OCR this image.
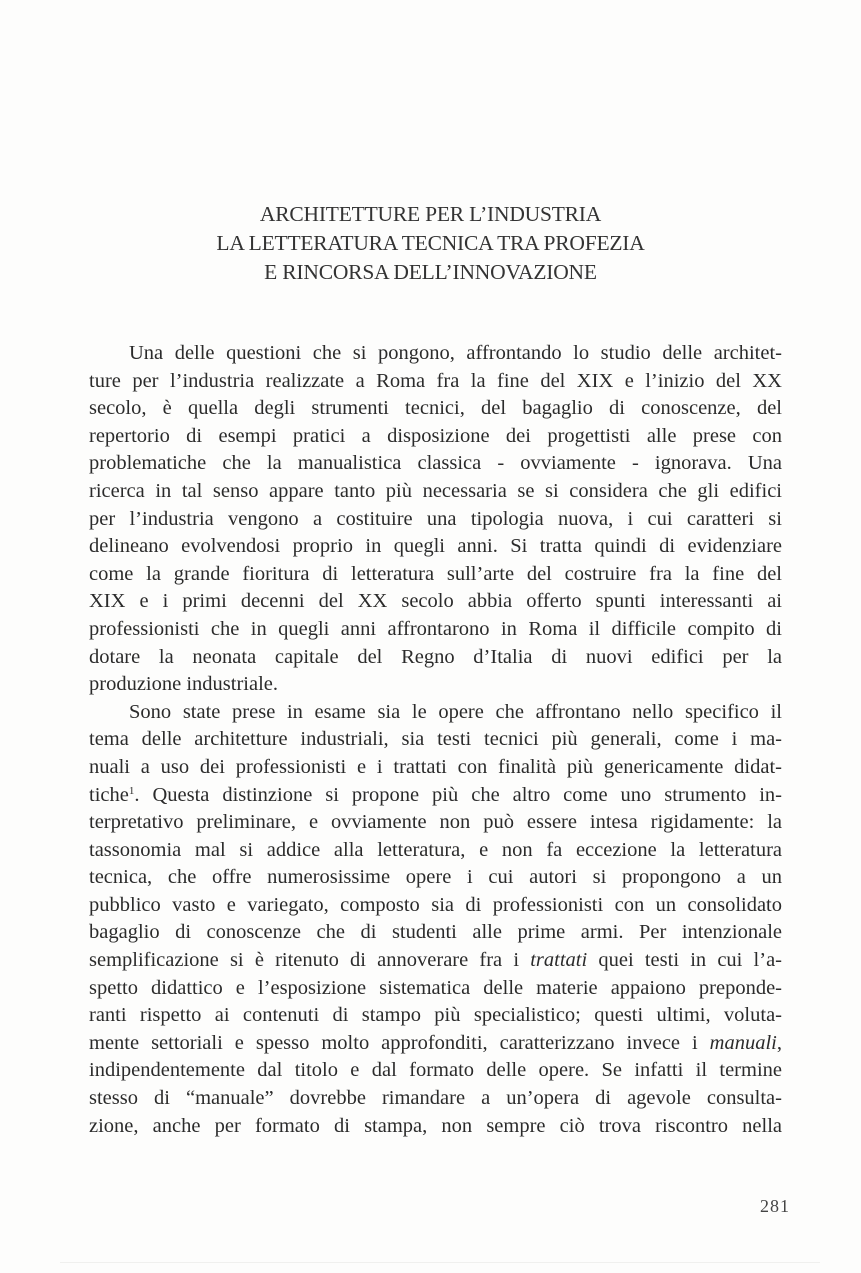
ARCHITETTURE PER L’INDUSTRIA
LA LETTERATURA TECNICA TRA PROFEZIA
E RINCORSA DELL’INNOVAZIONE
Una delle questioni che si pongono, affrontando lo studio delle architet-
ture per l’industria realizzate a Roma fra la fine del XIX e l’inizio del XX
secolo, è quella degli strumenti tecnici, del bagaglio di conoscenze, del
repertorio di esempi pratici a disposizione dei progettisti alle prese con
problematiche che la manualistica classica - ovviamente - ignorava. Una
ricerca in tal senso appare tanto più necessaria se si considera che gli edifici
per l’industria vengono a costituire una tipologia nuova, i cui caratteri si
delineano evolvendosi proprio in quegli anni. Si tratta quindi di evidenziare
come la grande fioritura di letteratura sull’arte del costruire fra la fine del
XIX e i primi decenni del XX secolo abbia offerto spunti interessanti ai
professionisti che in quegli anni affrontarono in Roma il difficile compito di
dotare la neonata capitale del Regno d’Italia di nuovi edifici per la
produzione industriale.
Sono state prese in esame sia le opere che affrontano nello specifico il
tema delle architetture industriali, sia testi tecnici più generali, come i ma-
nuali a uso dei professionisti e i trattati con finalità più genericamente didat-
tiche$^1$. Questa distinzione si propone più che altro come uno strumento in-
terpretativo preliminare, e ovviamente non può essere intesa rigidamente: la
tassonomia mal si addice alla letteratura, e non fa eccezione la letteratura
tecnica, che offre numerosissime opere i cui autori si propongono a un
pubblico vasto e variegato, composto sia di professionisti con un consolidato
bagaglio di conoscenze che di studenti alle prime armi. Per intenzionale
semplificazione si è ritenuto di annoverare fra i trattati quei testi in cui l’a-
spetto didattico e l’esposizione sistematica delle materie appaiono preponde-
ranti rispetto ai contenuti di stampo più specialistico; questi ultimi, voluta-
mente settoriali e spesso molto approfonditi, caratterizzano invece i manuali,
indipendentemente dal titolo e dal formato delle opere. Se infatti il termine
stesso di “manuale” dovrebbe rimandare a un’opera di agevole consulta-
zione, anche per formato di stampa, non sempre ciò trova riscontro nella
281
